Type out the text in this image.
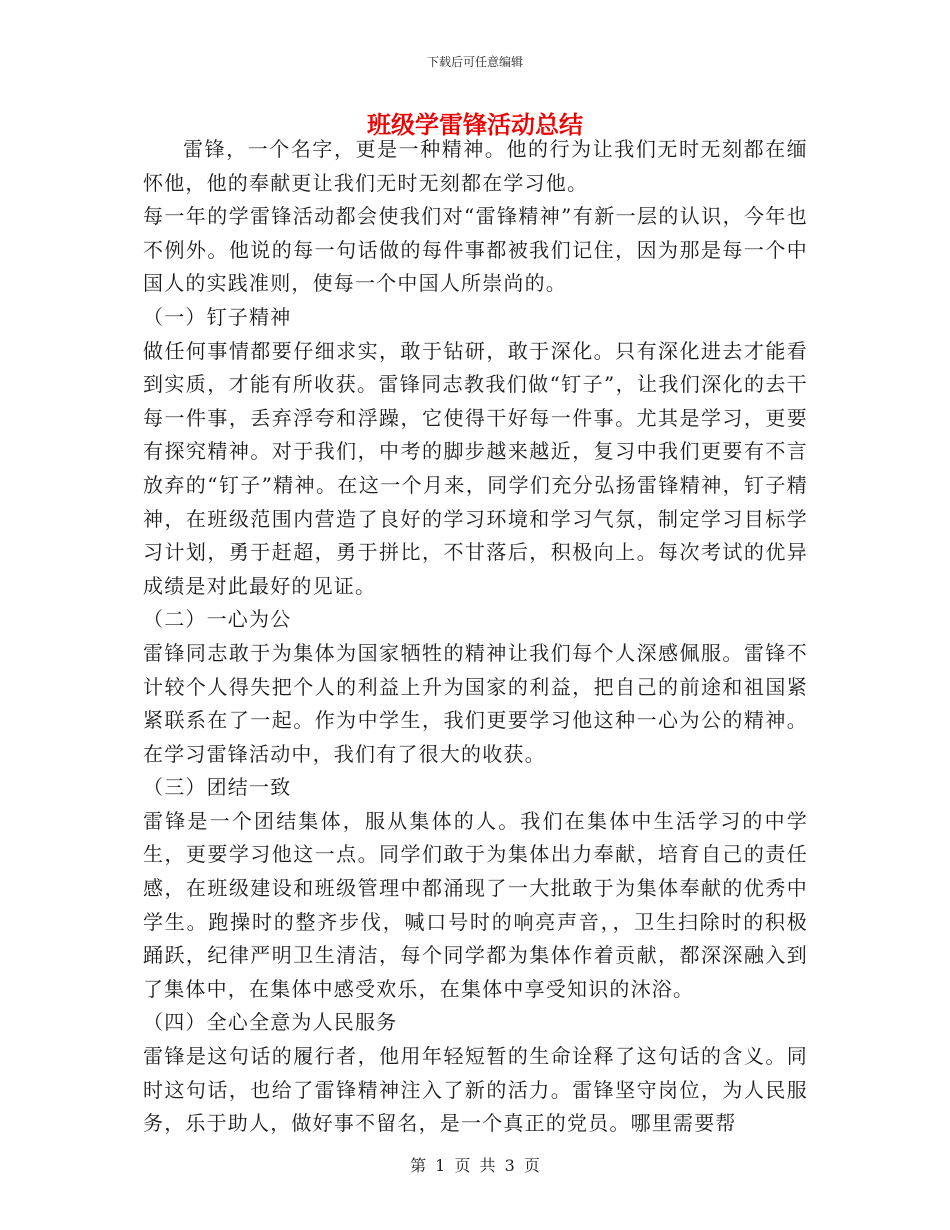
下载后可任意编辑
班级学雷锋活动总结

雷锋，一个名字，更是一种精神。他的行为让我们无时无刻都在缅怀他，他的奉献更让我们无时无刻都在学习他。

每一年的学雷锋活动都会使我们对“雷锋精神”有新一层的认识，今年也不例外。他说的每一句话做的每件事都被我们记住，因为那是每一个中国人的实践准则，使每一个中国人所崇尚的。

（一）钉子精神

做任何事情都要仔细求实，敢于钻研，敢于深化。只有深化进去才能看到实质，才能有所收获。雷锋同志教我们做“钉子”，让我们深化的去干每一件事，丢弃浮夸和浮躁，它使得干好每一件事。尤其是学习，更要有探究精神。对于我们，中考的脚步越来越近，复习中我们更要有不言放弃的“钉子”精神。在这一个月来，同学们充分弘扬雷锋精神，钉子精神，在班级范围内营造了良好的学习环境和学习气氛，制定学习目标学习计划，勇于赶超，勇于拼比，不甘落后，积极向上。每次考试的优异成绩是对此最好的见证。

（二）一心为公

雷锋同志敢于为集体为国家牺牲的精神让我们每个人深感佩服。雷锋不计较个人得失把个人的利益上升为国家的利益，把自己的前途和祖国紧紧联系在了一起。作为中学生，我们更要学习他这种一心为公的精神。在学习雷锋活动中，我们有了很大的收获。

（三）团结一致

雷锋是一个团结集体，服从集体的人。我们在集体中生活学习的中学生，更要学习他这一点。同学们敢于为集体出力奉献，培育自己的责任感，在班级建设和班级管理中都涌现了一大批敢于为集体奉献的优秀中学生。跑操时的整齐步伐，喊口号时的响亮声音，，卫生扫除时的积极踊跃，纪律严明卫生清洁，每个同学都为集体作着贡献，都深深融入到了集体中，在集体中感受欢乐，在集体中享受知识的沐浴。

（四）全心全意为人民服务

雷锋是这句话的履行者，他用年轻短暂的生命诠释了这句话的含义。同时这句话，也给了雷锋精神注入了新的活力。雷锋坚守岗位，为人民服务，乐于助人，做好事不留名，是一个真正的党员。哪里需要帮

第 1 页 共 3 页
